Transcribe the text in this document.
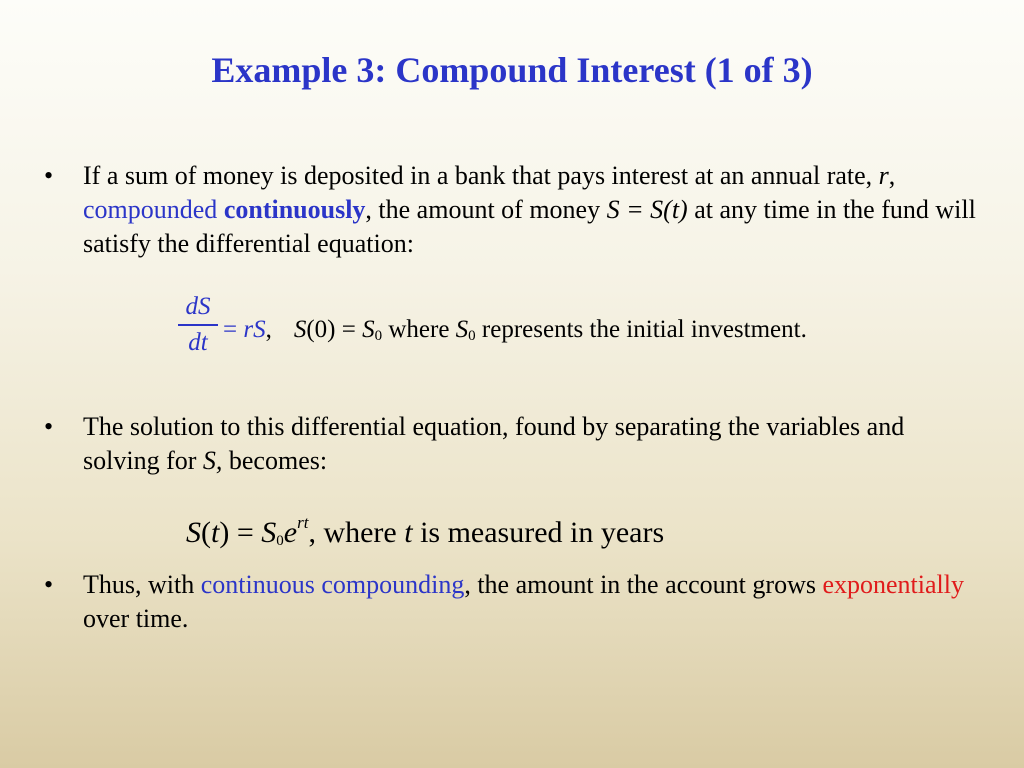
Example 3: Compound Interest (1 of 3)
•	If a sum of money is deposited in a bank that pays interest at an annual rate, r, compounded continuously, the amount of money S = S(t) at any time in the fund will satisfy the differential equation:
dS
dt = rS, $S(0) = S_0$ where $S_0$ represents the initial investment.
•	The solution to this differential equation, found by separating the variables and solving for S, becomes:
$S(t) = S_0e^{rt}$, where t is measured in years
•	Thus, with continuous compounding, the amount in the account grows exponentially over time.
